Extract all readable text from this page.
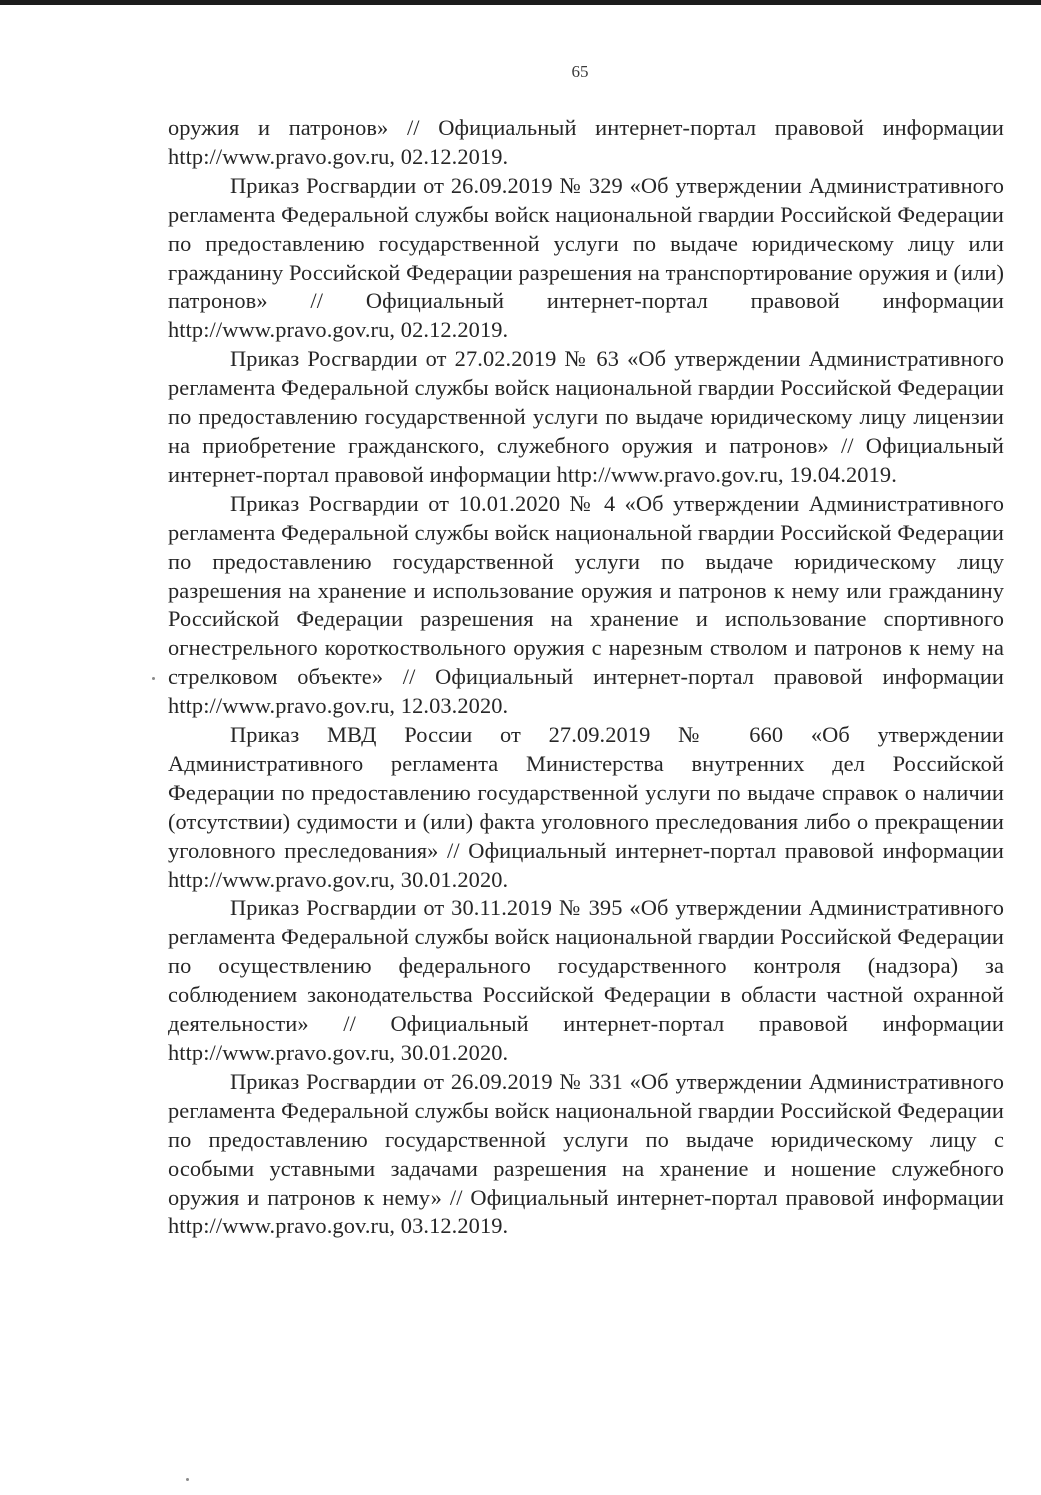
65

оружия и патронов» // Официальный интернет-портал правовой информации http://www.pravo.gov.ru, 02.12.2019.

Приказ Росгвардии от 26.09.2019 № 329 «Об утверждении Административного регламента Федеральной службы войск национальной гвардии Российской Федерации по предоставлению государственной услуги по выдаче юридическому лицу или гражданину Российской Федерации разрешения на транспортирование оружия и (или) патронов» // Официальный интернет-портал правовой информации http://www.pravo.gov.ru, 02.12.2019.

Приказ Росгвардии от 27.02.2019 № 63 «Об утверждении Административного регламента Федеральной службы войск национальной гвардии Российской Федерации по предоставлению государственной услуги по выдаче юридическому лицу лицензии на приобретение гражданского, служебного оружия и патронов» // Официальный интернет-портал правовой информации http://www.pravo.gov.ru, 19.04.2019.

Приказ Росгвардии от 10.01.2020 № 4 «Об утверждении Административного регламента Федеральной службы войск национальной гвардии Российской Федерации по предоставлению государственной услуги по выдаче юридическому лицу разрешения на хранение и использование оружия и патронов к нему или гражданину Российской Федерации разрешения на хранение и использование спортивного огнестрельного короткоствольного оружия с нарезным стволом и патронов к нему на стрелковом объекте» // Официальный интернет-портал правовой информации http://www.pravo.gov.ru, 12.03.2020.

Приказ МВД России от 27.09.2019 № 660 «Об утверждении Административного регламента Министерства внутренних дел Российской Федерации по предоставлению государственной услуги по выдаче справок о наличии (отсутствии) судимости и (или) факта уголовного преследования либо о прекращении уголовного преследования» // Официальный интернет-портал правовой информации http://www.pravo.gov.ru, 30.01.2020.

Приказ Росгвардии от 30.11.2019 № 395 «Об утверждении Административного регламента Федеральной службы войск национальной гвардии Российской Федерации по осуществлению федерального государственного контроля (надзора) за соблюдением законодательства Российской Федерации в области частной охранной деятельности» // Официальный интернет-портал правовой информации http://www.pravo.gov.ru, 30.01.2020.

Приказ Росгвардии от 26.09.2019 № 331 «Об утверждении Административного регламента Федеральной службы войск национальной гвардии Российской Федерации по предоставлению государственной услуги по выдаче юридическому лицу с особыми уставными задачами разрешения на хранение и ношение служебного оружия и патронов к нему» // Официальный интернет-портал правовой информации http://www.pravo.gov.ru, 03.12.2019.
